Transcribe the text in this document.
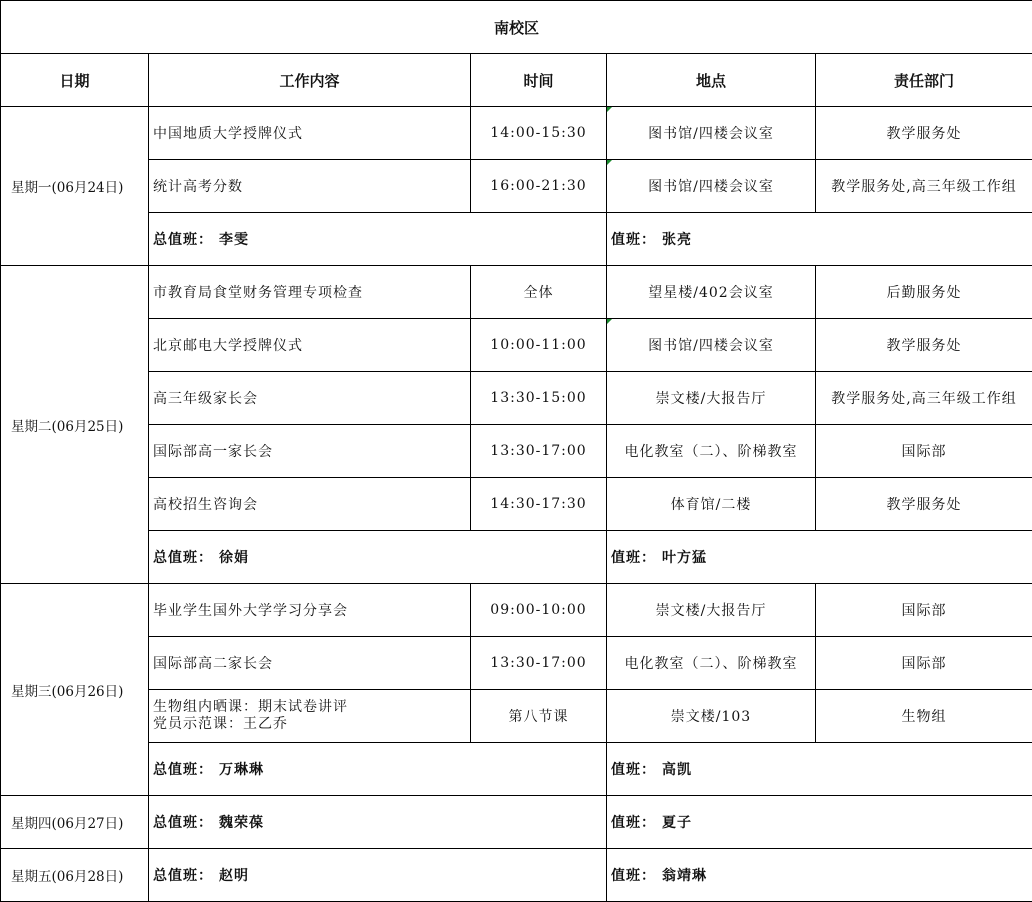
南校区				
日期	工作内容	时间	地点	责任部门
星期一(06月24日)	中国地质大学授牌仪式	14:00-15:30	图书馆/四楼会议室	教学服务处
	统计高考分数	16:00-21:30	图书馆/四楼会议室	教学服务处,高三年级工作组
	总值班： 李雯		值班： 张亮	
星期二(06月25日)	市教育局食堂财务管理专项检查	全体	望星楼/402会议室	后勤服务处
	北京邮电大学授牌仪式	10:00-11:00	图书馆/四楼会议室	教学服务处
	高三年级家长会	13:30-15:00	崇文楼/大报告厅	教学服务处,高三年级工作组
	国际部高一家长会	13:30-17:00	电化教室（二）、阶梯教室	国际部
	高校招生咨询会	14:30-17:30	体育馆/二楼	教学服务处
	总值班： 徐娟		值班： 叶方猛	
星期三(06月26日)	毕业学生国外大学学习分享会	09:00-10:00	崇文楼/大报告厅	国际部
	国际部高二家长会	13:30-17:00	电化教室（二）、阶梯教室	国际部

	生物组内晒课：期末试卷讲评
党员示范课：王乙乔	第八节课	崇文楼/103	生物组
	总值班： 万琳琳		值班： 高凯	
星期四(06月27日)	总值班： 魏荣葆		值班： 夏子	
星期五(06月28日)	总值班： 赵明		值班： 翁靖琳	
